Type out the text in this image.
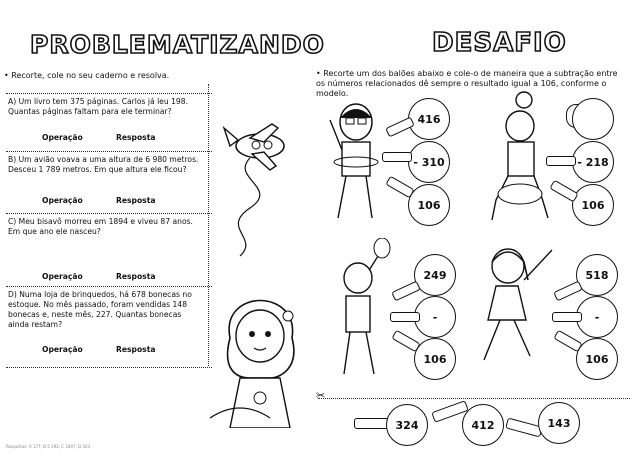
PROBLEMATIZANDO
• Recorte, cole no seu caderno e resolva.
A) Um livro tem 375 páginas. Carlos já leu 198. Quantas páginas faltam para ele terminar?
Operação	Resposta
B) Um avião voava a uma altura de 6 980 metros. Desceu 1 789 metros. Em que altura ele ficou?
Operação	Resposta
C) Meu bisavô morreu em 1894 e viveu 87 anos. Em que ano ele nasceu?
Operação	Resposta
D) Numa loja de brinquedos, há 678 bonecas no estoque. No mês passado, foram vendidas 148 bonecas e, neste mês, 227. Quantas bonecas ainda restam?
Operação	Resposta
Respostas: A 177; B 5 191; C 1807; D 303
DESAFIO
• Recorte um dos balões abaixo e cole-o de maneira que a subtração entre os números relacionados dê sempre o resultado igual a 106, conforme o modelo.
416
- 310
106
- 218
106
249
-
106
518
-
106
✂
324	412	143
